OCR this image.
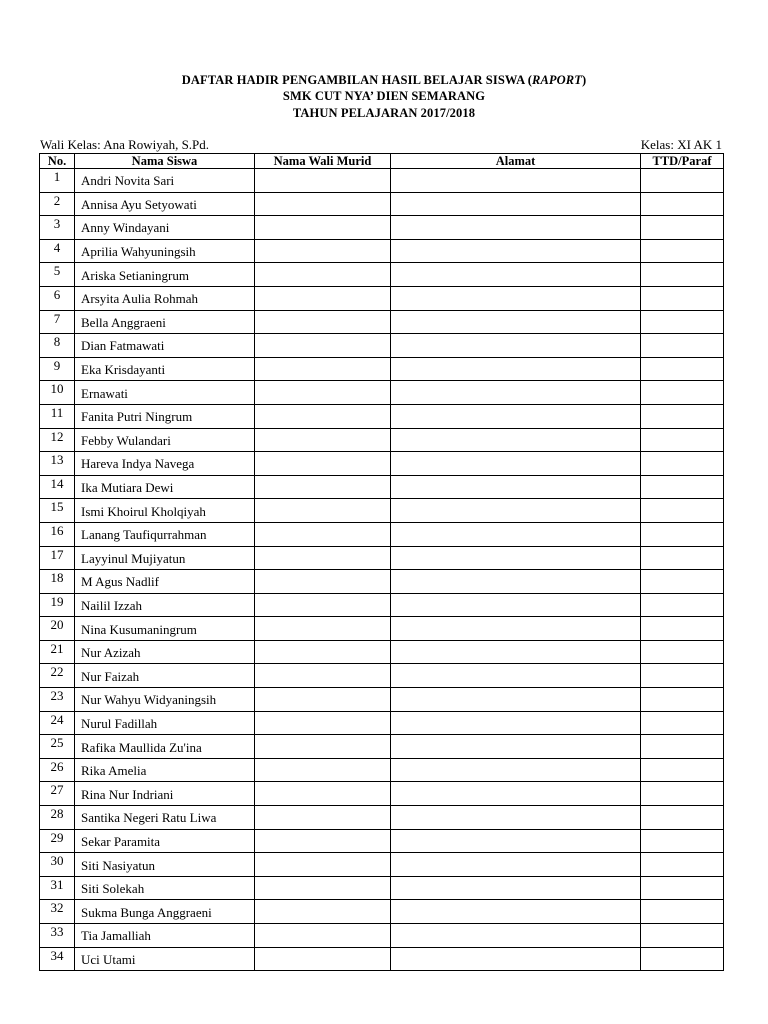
DAFTAR HADIR PENGAMBILAN HASIL BELAJAR SISWA (RAPORT)
SMK CUT NYA’ DIEN SEMARANG
TAHUN PELAJARAN 2017/2018
Wali Kelas: Ana Rowiyah, S.Pd.	Kelas: XI AK 1
No.	Nama Siswa	Nama Wali Murid	Alamat	TTD/Paraf
1	Andri Novita Sari			
2	Annisa Ayu Setyowati			
3	Anny Windayani			
4	Aprilia Wahyuningsih			
5	Ariska Setianingrum			
6	Arsyita Aulia Rohmah			
7	Bella Anggraeni			
8	Dian Fatmawati			
9	Eka Krisdayanti			
10	Ernawati			
11	Fanita Putri Ningrum			
12	Febby Wulandari			
13	Hareva Indya Navega			
14	Ika Mutiara Dewi			
15	Ismi Khoirul Kholqiyah			
16	Lanang Taufiqurrahman			
17	Layyinul Mujiyatun			
18	M Agus Nadlif			
19	Nailil Izzah			
20	Nina Kusumaningrum			
21	Nur Azizah			
22	Nur Faizah			
23	Nur Wahyu Widyaningsih			
24	Nurul Fadillah			
25	Rafika Maullida Zu'ina			
26	Rika Amelia			
27	Rina Nur Indriani			
28	Santika Negeri Ratu Liwa			
29	Sekar Paramita			
30	Siti Nasiyatun			
31	Siti Solekah			
32	Sukma Bunga Anggraeni			
33	Tia Jamalliah			
34	Uci Utami			
